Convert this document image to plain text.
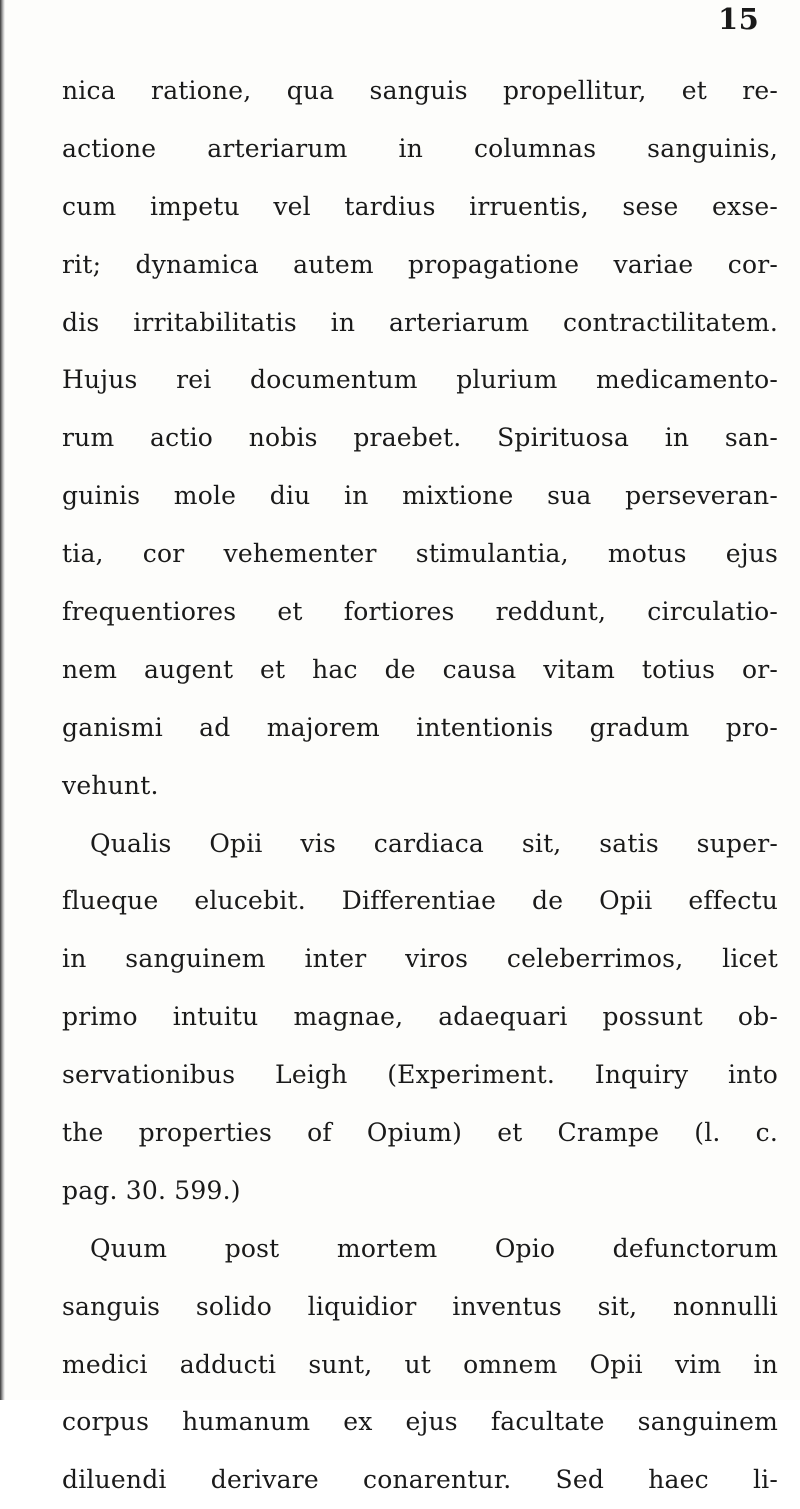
15
nica ratione, qua sanguis propellitur, et re-
actione arteriarum in columnas sanguinis,
cum impetu vel tardius irruentis, sese exse-
rit; dynamica autem propagatione variae cor-
dis irritabilitatis in arteriarum contractilitatem.
Hujus rei documentum plurium medicamento-
rum actio nobis praebet. Spirituosa in san-
guinis mole diu in mixtione sua perseveran-
tia, cor vehementer stimulantia, motus ejus
frequentiores et fortiores reddunt, circulatio-
nem augent et hac de causa vitam totius or-
ganismi ad majorem intentionis gradum pro-
vehunt.
Qualis Opii vis cardiaca sit, satis super-
flueque elucebit. Differentiae de Opii effectu
in sanguinem inter viros celeberrimos, licet
primo intuitu magnae, adaequari possunt ob-
servationibus Leigh (Experiment. Inquiry into
the properties of Opium) et Crampe (l. c.
pag. 30. 599.)
Quum post mortem Opio defunctorum
sanguis solido liquidior inventus sit, nonnulli
medici adducti sunt, ut omnem Opii vim in
corpus humanum ex ejus facultate sanguinem
diluendi derivare conarentur. Sed haec li-
